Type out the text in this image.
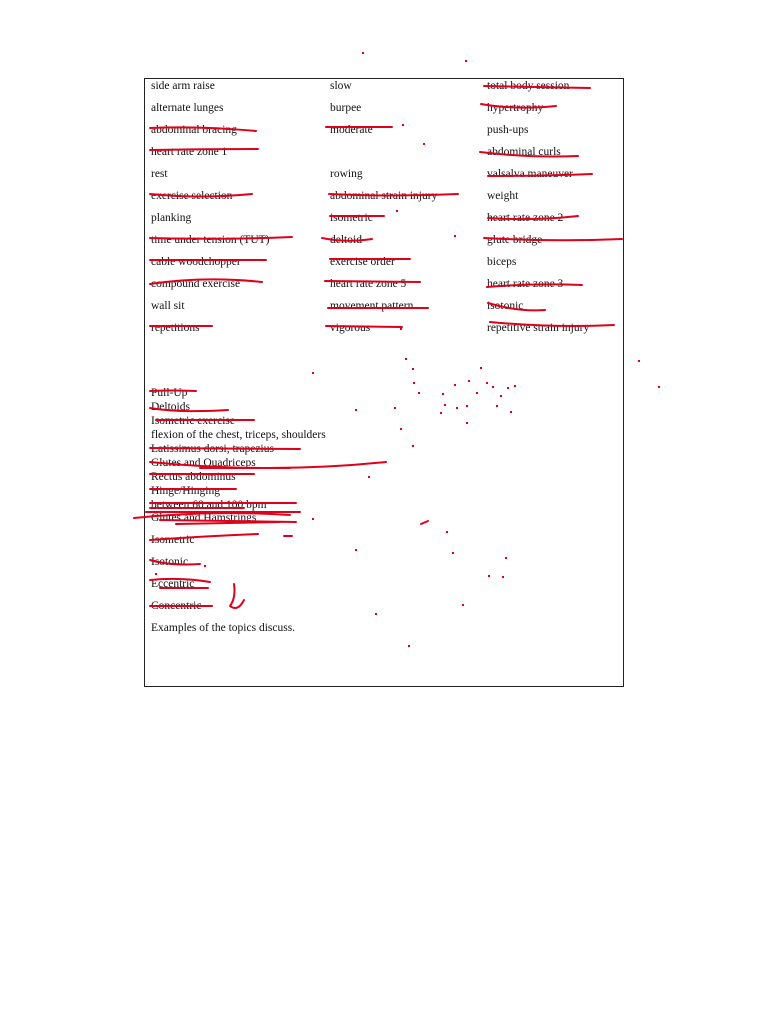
side arm raise
alternate lunges
abdominal bracing
heart rate zone 1
rest
exercise selection
planking
time under tension (TUT)
cable woodchopper
compound exercise
wall sit
repetitions
slow
burpee
moderate
rowing
abdominal strain injury
isometric
deltoid
exercise order
heart rate zone 5
movement pattern
vigorous
total body session
hypertrophy
push-ups
abdominal curls
valsalva maneuver
weight
heart rate zone 2
glute bridge
biceps
heart rate zone 3
isotonic
repetitive strain injury
Pull-Up
Deltoids
Isometric exercise
flexion of the chest, triceps, shoulders
Latissimus dorsi, trapezius
Glutes and Quadriceps
Rectus abdominus
Hinge/Hinging
between 60 and 100 bpm
Glutes and Hamstrings
Isometric
Isotonic
Eccentric
Concentric
Examples of the topics discuss.
